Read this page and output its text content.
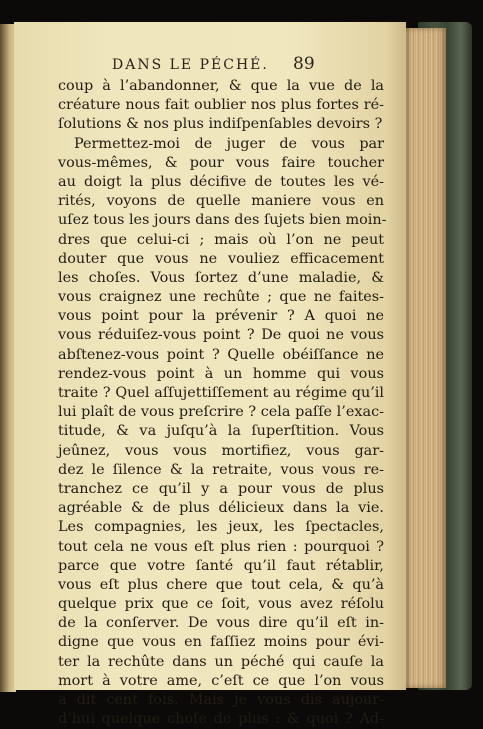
DANS LE PÉCHÉ. 89
coup à l’abandonner, & que la vue de la
créature nous fait oublier nos plus fortes ré-
ſolutions & nos plus indiſpenſables devoirs ?
Permettez-moi de juger de vous par
vous-mêmes, & pour vous faire toucher
au doigt la plus décifive de toutes les vé-
rités, voyons de quelle maniere vous en
uſez tous les jours dans des ſujets bien moin-
dres que celui-ci ; mais où l’on ne peut
douter que vous ne vouliez efficacement
les choſes. Vous ſortez d’une maladie, &
vous craignez une rechûte ; que ne faites-
vous point pour la prévenir ? A quoi ne
vous réduiſez-vous point ? De quoi ne vous
abſtenez-vous point ? Quelle obéiſſance ne
rendez-vous point à un homme qui vous
traite ? Quel aſſujettiſſement au régime qu’il
lui plaît de vous preſcrire ? cela paſſe l’exac-
titude, & va juſqu’à la ſuperſtition. Vous
jeûnez, vous vous mortifiez, vous gar-
dez le ſilence & la retraite, vous vous re-
tranchez ce qu’il y a pour vous de plus
agréable & de plus délicieux dans la vie.
Les compagnies, les jeux, les ſpectacles,
tout cela ne vous eſt plus rien : pourquoi ?
parce que votre ſanté qu’il faut rétablir,
vous eſt plus chere que tout cela, & qu’à
quelque prix que ce ſoit, vous avez réſolu
de la conſerver. De vous dire qu’il eſt in-
digne que vous en faſſiez moins pour évi-
ter la rechûte dans un péché qui cauſe la
mort à votre ame, c’eſt ce que l’on vous
a dit cent fois. Mais je vous dis aujour-
d’hui quelque choſe de plus : & quoi ? Ad-
